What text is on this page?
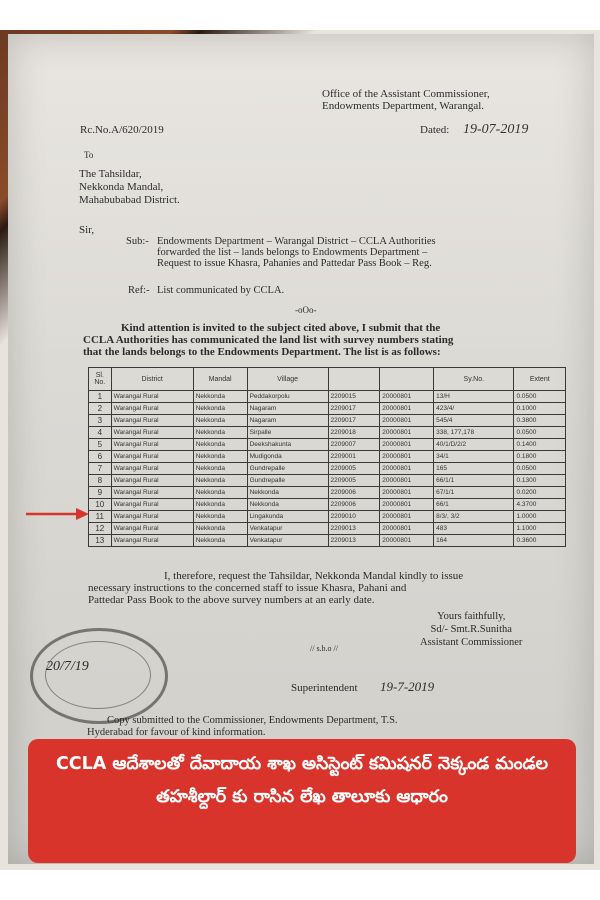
Office of the Assistant Commissioner,
Endowments Department, Warangal.
Rc.No.A/620/2019	Dated: 19-07-2019
To
The Tahsildar,
Nekkonda Mandal,
Mahabubabad District.
Sir,
Sub:- Endowments Department – Warangal District – CCLA Authorities
forwarded the list – lands belongs to Endowments Department –
Request to issue Khasra, Pahanies and Pattedar Pass Book – Reg.
Ref:- List communicated by CCLA.
-oOo-
Kind attention is invited to the subject cited above, I submit that the
CCLA Authorities has communicated the land list with survey numbers stating
that the lands belongs to the Endowments Department. The list is as follows:
Sl. No.	District	Mandal	Village			Sy.No.	Extent
1	Warangal Rural	Nekkonda	Peddakorpolu	2209015	20000801	13/H	0.0500
2	Warangal Rural	Nekkonda	Nagaram	2209017	20000801	423/4/	0.1000
3	Warangal Rural	Nekkonda	Nagaram	2209017	20000801	545/4	0.3800
4	Warangal Rural	Nekkonda	Sirpalle	2209018	20000801	338, 177,178	0.0500
5	Warangal Rural	Nekkonda	Deekshakunta	2209007	20000801	40/1/D/2/2	0.1400
6	Warangal Rural	Nekkonda	Mudigonda	2209001	20000801	34/1	0.1800
7	Warangal Rural	Nekkonda	Gundrepalle	2209005	20000801	165	0.0500
8	Warangal Rural	Nekkonda	Gundrepalle	2209005	20000801	66/1/1	0.1300
9	Warangal Rural	Nekkonda	Nekkonda	2209006	20000801	67/1/1	0.0200
10	Warangal Rural	Nekkonda	Nekkonda	2209006	20000801	66/1	4.3700
11	Warangal Rural	Nekkonda	Lingakunda	2209010	20000801	8/3/, 3/2	1.0000
12	Warangal Rural	Nekkonda	Venkatapur	2209013	20000801	483	1.1000
13	Warangal Rural	Nekkonda	Venkatapur	2209013	20000801	164	0.3600
I, therefore, request the Tahsildar, Nekkonda Mandal kindly to issue
necessary instructions to the concerned staff to issue Khasra, Pahani and
Pattedar Pass Book to the above survey numbers at an early date.
Yours faithfully,
Sd/- Smt.R.Sunitha
Assistant Commissioner
// s.b.o //
Superintendent 19-7-2019
20/7/19
Copy submitted to the Commissioner, Endowments Department, T.S.
Hyderabad for favour of kind information.
CCLA ఆదేశాలతో దేవాదాయ శాఖ అసిస్టెంట్ కమిషనర్ నెక్కండ మండల తహశీల్దార్ కు రాసిన లేఖ తాలూకు ఆధారం
